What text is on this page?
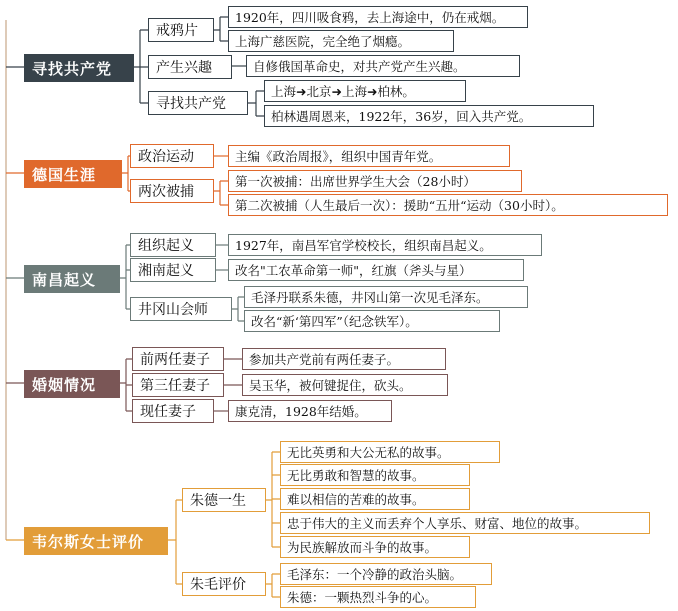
寻找共产党
戒鸦片
1920年，四川吸食鸦，去上海途中，仍在戒烟。
上海广慈医院，完全绝了烟瘾。
产生兴趣	自修俄国革命史，对共产党产生兴趣。
寻找共产党
上海➜北京➜上海➜柏林。
柏林遇周恩来，1922年，36岁，回入共产党。
德国生涯
政治运动	主编《政治周报》，组织中国青年党。
两次被捕
第一次被捕：出席世界学生大会（28小时）
第二次被捕（人生最后一次）：援助“五卅“运动（30小时）。
南昌起义
组织起义	1927年，南昌军官学校校长，组织南昌起义。
湘南起义	改名"工农革命第一师"，红旗（斧头与星）
井冈山会师
毛泽丹联系朱德，井冈山第一次见毛泽东。
改名“新‘第四军”（纪念铁军）。
婚姻情况
前两任妻子	参加共产党前有两任妻子。
第三任妻子	吴玉华，被何键捉住，砍头。
现任妻子	康克清，1928年结婚。
韦尔斯女士评价
朱德一生
无比英勇和大公无私的故事。
无比勇敢和智慧的故事。
难以相信的苦难的故事。
忠于伟大的主义而丢弃个人享乐、财富、地位的故事。
为民族解放而斗争的故事。
朱毛评价
毛泽东：一个冷静的政治头脑。
朱德：一颗热烈斗争的心。
